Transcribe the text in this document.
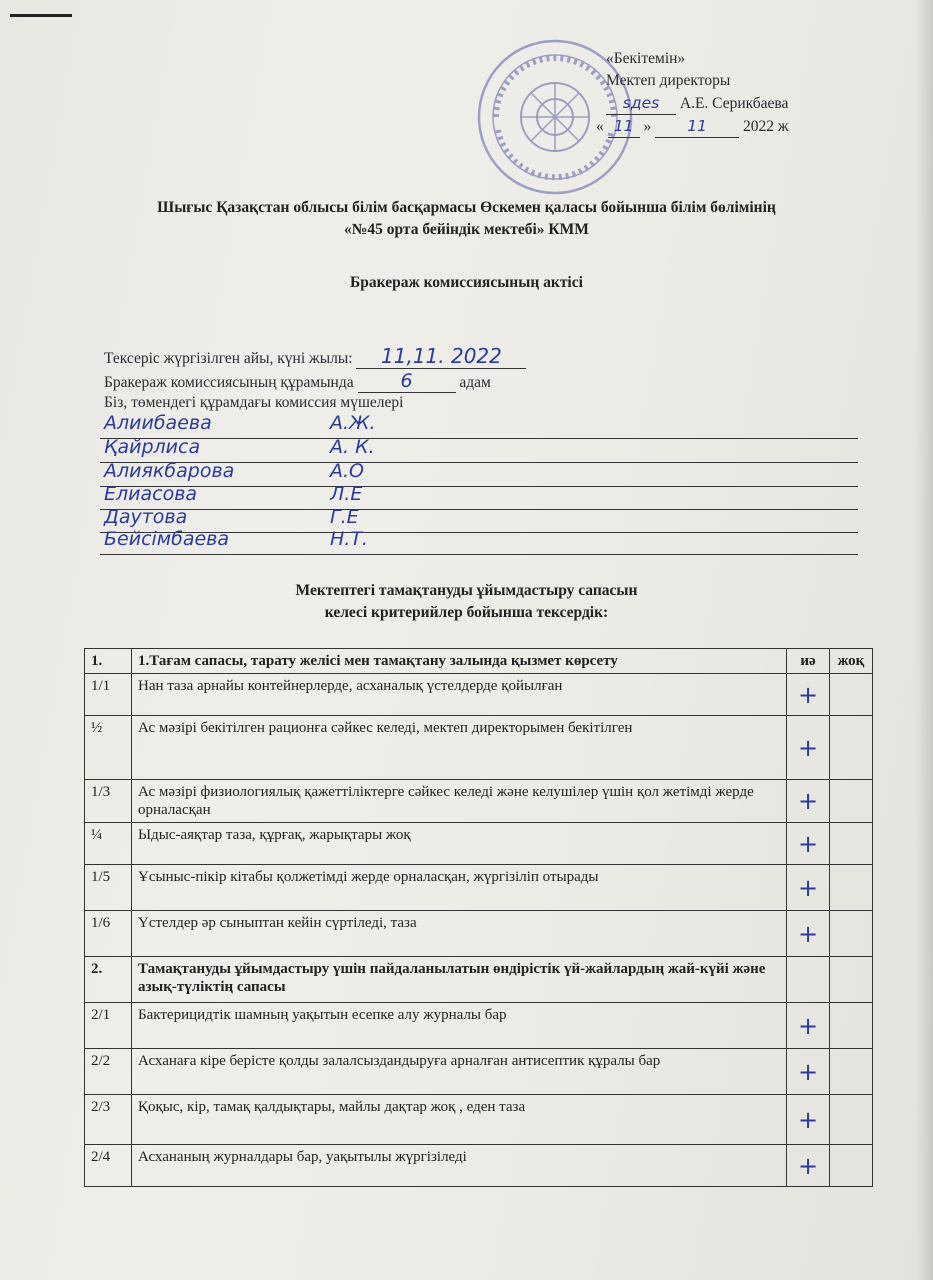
«Бекітемін»
Мектеп директоры
ѕдеѕ А.Е. Серикбаева
« 11 » 11 2022 ж
Шығыс Қазақстан облысы білім басқармасы Өскемен қаласы бойынша білім бөлімінің
«№45 орта бейіндік мектебі» КММ
Бракераж комиссиясының актісі
Тексеріс жүргізілген айы, күні жылы: 11,11. 2022
Бракераж комиссиясының құрамында 6	адам
Біз, төмендегі құрамдағы комиссия мүшелері
Алиибаева	А.Ж.
Қайрлиса	А. К.
Алиякбарова	А.О
Елиасова	Л.Е
Даутова	Г.Е
Бейсімбаева	Н.Т.
Мектептегі тамақтануды ұйымдастыру сапасын
келесі критерийлер бойынша тексердік:
1.	1.Тағам сапасы, тарату желісі мен тамақтану залында қызмет көрсету	иә	жоқ
1/1	Нан таза арнайы контейнерлерде, асханалық үстелдерде қойылған	+	
½	Ас мәзірі бекітілген рационға сәйкес келеді, мектеп директорымен бекітілген	+	
1/3	Ас мәзірі физиологиялық қажеттіліктерге сәйкес келеді және келушілер үшін қол жетімді жерде орналасқан	+	
¼	Ыдыс-аяқтар таза, құрғақ, жарықтары жоқ	+	
1/5	Ұсыныс-пікір кітабы қолжетімді жерде орналасқан, жүргізіліп отырады	+	
1/6	Үстелдер әр сыныптан кейін сүртіледі, таза	+	
2.	Тамақтануды ұйымдастыру үшін пайдаланылатын өндірістік үй-жайлардың жай-күйі және азық-түліктің сапасы		
2/1	Бактерицидтік шамның уақытын есепке алу журналы бар	+	
2/2	Асханаға кіре берісте қолды залалсыздандыруға арналған антисептик құралы бар	+	
2/3	Қоқыс, кір, тамақ қалдықтары, майлы дақтар жоқ , еден таза	+	
2/4	Асхананың журналдары бар, уақытылы жүргізіледі	+	
